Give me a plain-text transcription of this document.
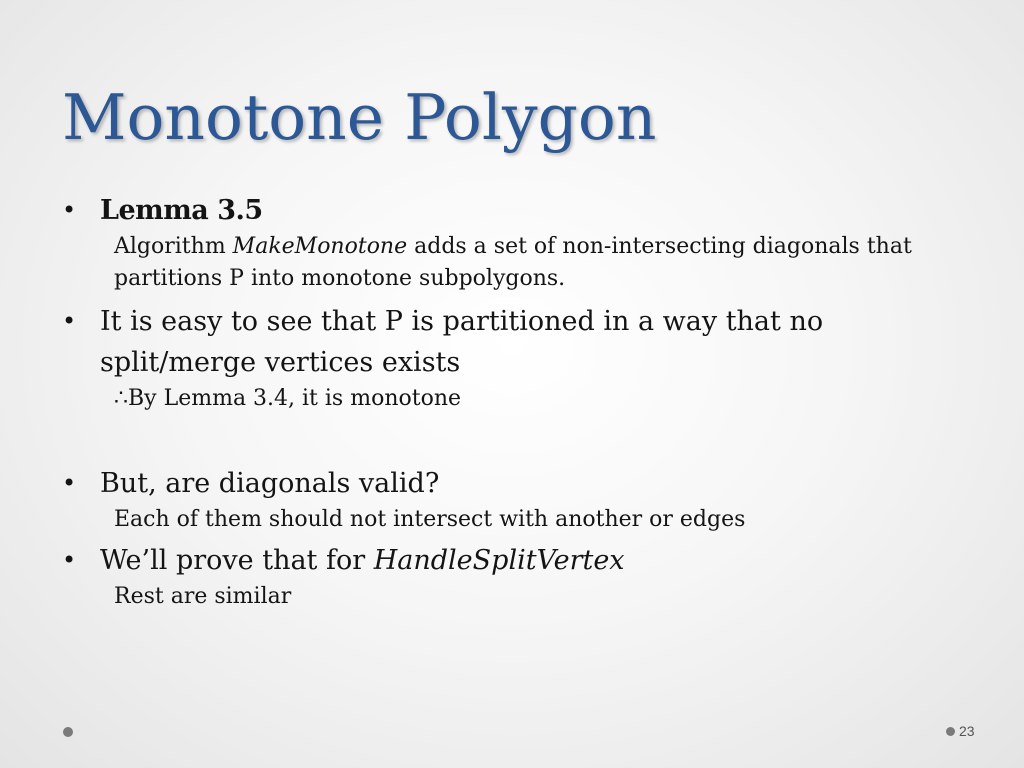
Monotone Polygon

• Lemma 3.5

Algorithm MakeMonotone adds a set of non-intersecting diagonals that partitions P into monotone subpolygons.

• It is easy to see that P is partitioned in a way that no split/merge vertices exists

∴By Lemma 3.4, it is monotone

• But, are diagonals valid?

Each of them should not intersect with another or edges

• We’ll prove that for HandleSplitVertex

Rest are similar

23
